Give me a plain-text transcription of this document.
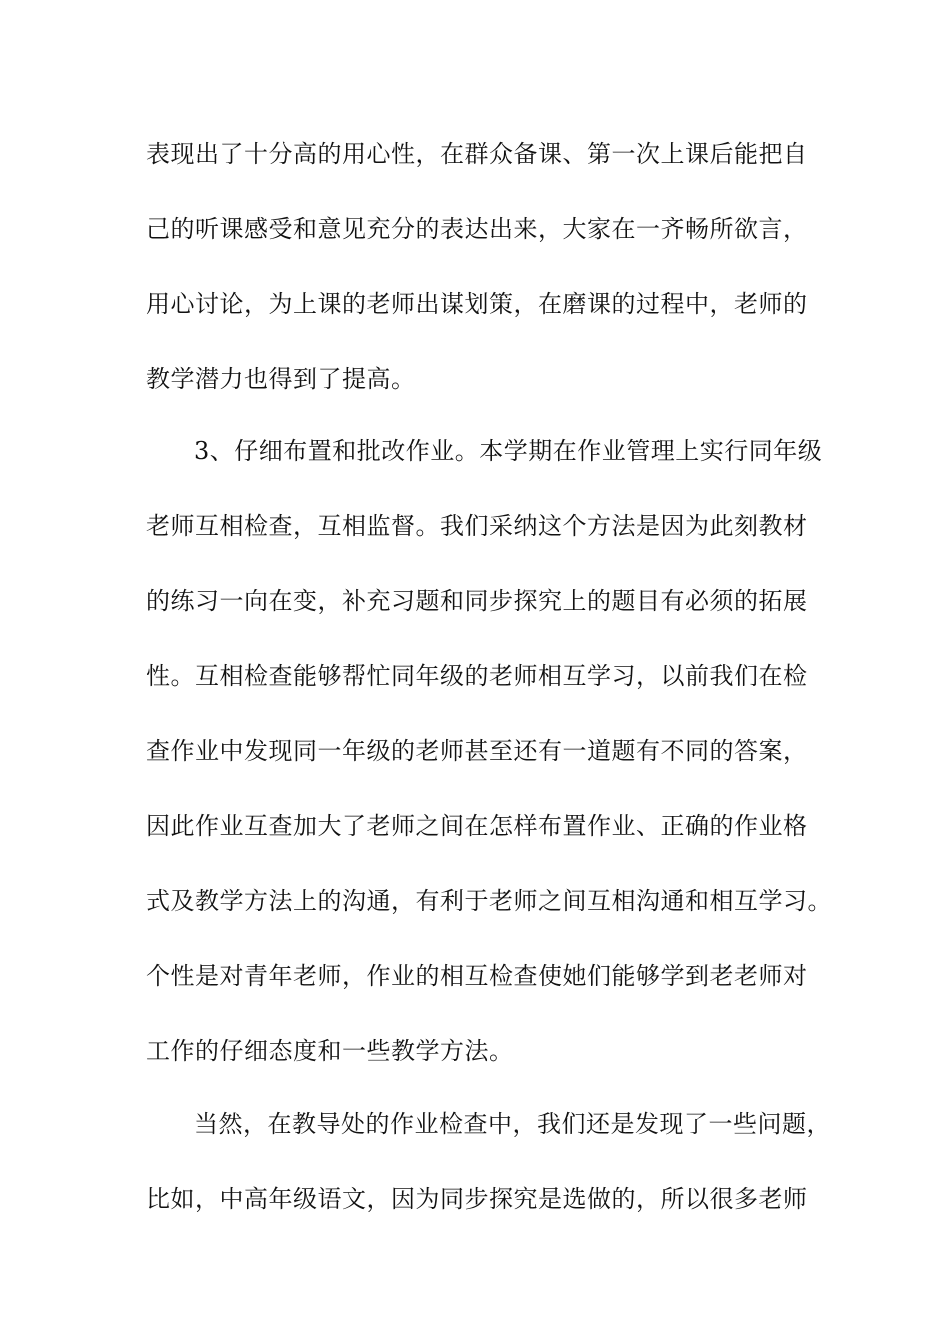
表现出了十分高的用心性，在群众备课、第一次上课后能把自
己的听课感受和意见充分的表达出来，大家在一齐畅所欲言，
用心讨论，为上课的老师出谋划策，在磨课的过程中，老师的
教学潜力也得到了提高。
3、仔细布置和批改作业。本学期在作业管理上实行同年级
老师互相检查，互相监督。我们采纳这个方法是因为此刻教材
的练习一向在变，补充习题和同步探究上的题目有必须的拓展
性。互相检查能够帮忙同年级的老师相互学习，以前我们在检
查作业中发现同一年级的老师甚至还有一道题有不同的答案，
因此作业互查加大了老师之间在怎样布置作业、正确的作业格
式及教学方法上的沟通，有利于老师之间互相沟通和相互学习。
个性是对青年老师，作业的相互检查使她们能够学到老老师对
工作的仔细态度和一些教学方法。
当然，在教导处的作业检查中，我们还是发现了一些问题，
比如，中高年级语文，因为同步探究是选做的，所以很多老师
